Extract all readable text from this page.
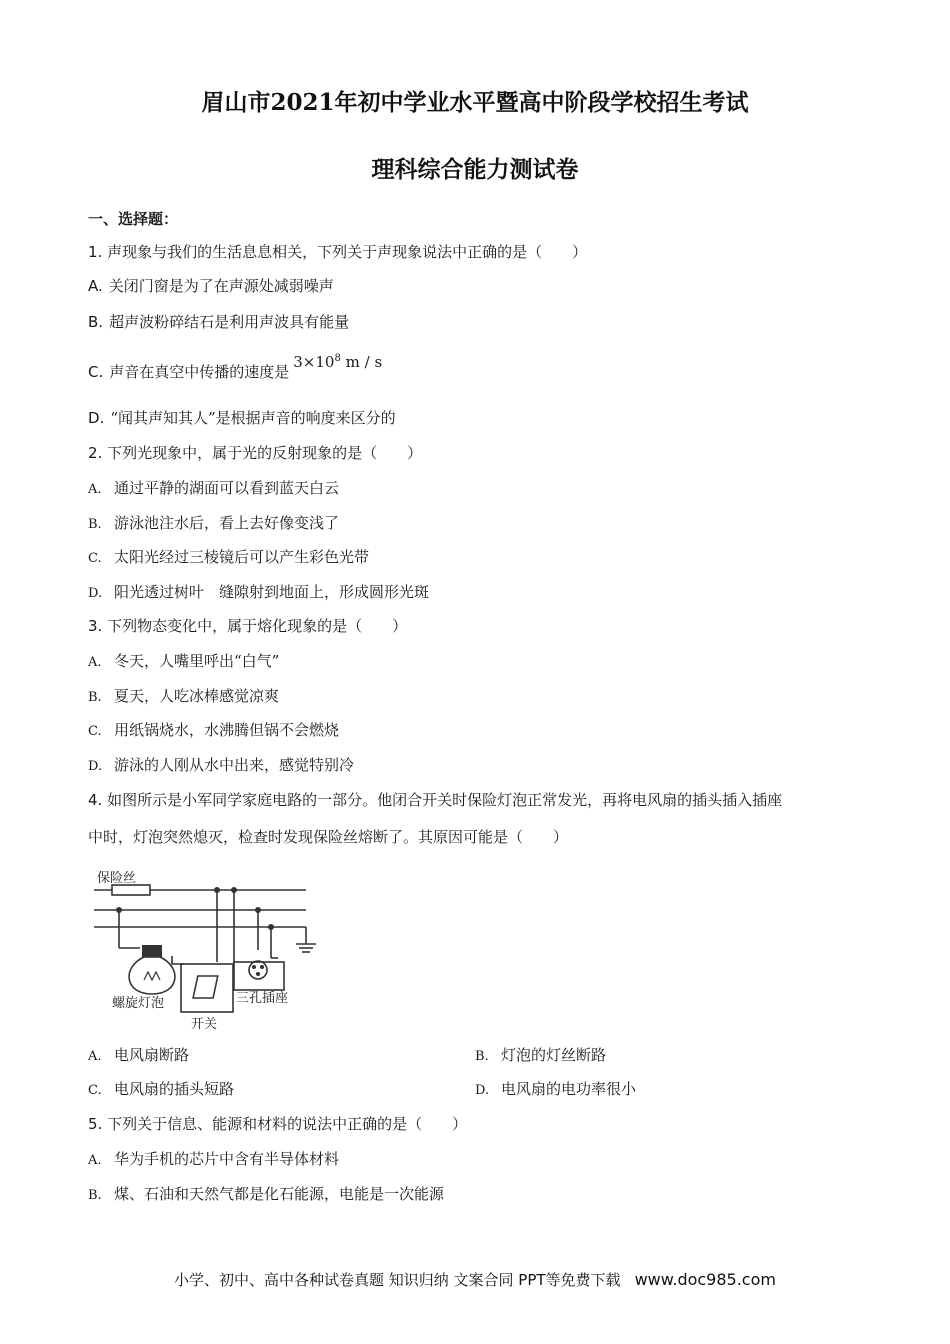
眉山市2021年初中学业水平暨高中阶段学校招生考试
理科综合能力测试卷
一、选择题：
1. 声现象与我们的生活息息相关，下列关于声现象说法中正确的是（　　）
A. 关闭门窗是为了在声源处减弱噪声
B. 超声波粉碎结石是利用声波具有能量
C. 声音在真空中传播的速度是$3\times 10^8$ m / s
D. “闻其声知其人”是根据声音的响度来区分的
2. 下列光现象中，属于光的反射现象的是（　　）
A. 通过平静的湖面可以看到蓝天白云
B. 游泳池注水后，看上去好像变浅了
C. 太阳光经过三棱镜后可以产生彩色光带
D. 阳光透过树叶　缝隙射到地面上，形成圆形光斑
3. 下列物态变化中，属于熔化现象的是（　　）
A. 冬天，人嘴里呼出“白气”
B. 夏天，人吃冰棒感觉凉爽
C. 用纸锅烧水，水沸腾但锅不会燃烧
D. 游泳的人刚从水中出来，感觉特别冷
4. 如图所示是小军同学家庭电路的一部分。他闭合开关时保险灯泡正常发光，再将电风扇的插头插入插座
中时，灯泡突然熄灭，检查时发现保险丝熔断了。其原因可能是（　　）
保险丝
螺旋灯泡
开关
三孔插座
A. 电风扇断路	B. 灯泡的灯丝断路
C. 电风扇的插头短路	D. 电风扇的电功率很小
5. 下列关于信息、能源和材料的说法中正确的是（　　）
A. 华为手机的芯片中含有半导体材料
B. 煤、石油和天然气都是化石能源，电能是一次能源
小学、初中、高中各种试卷真题 知识归纳 文案合同 PPT等免费下载 www.doc985.com
